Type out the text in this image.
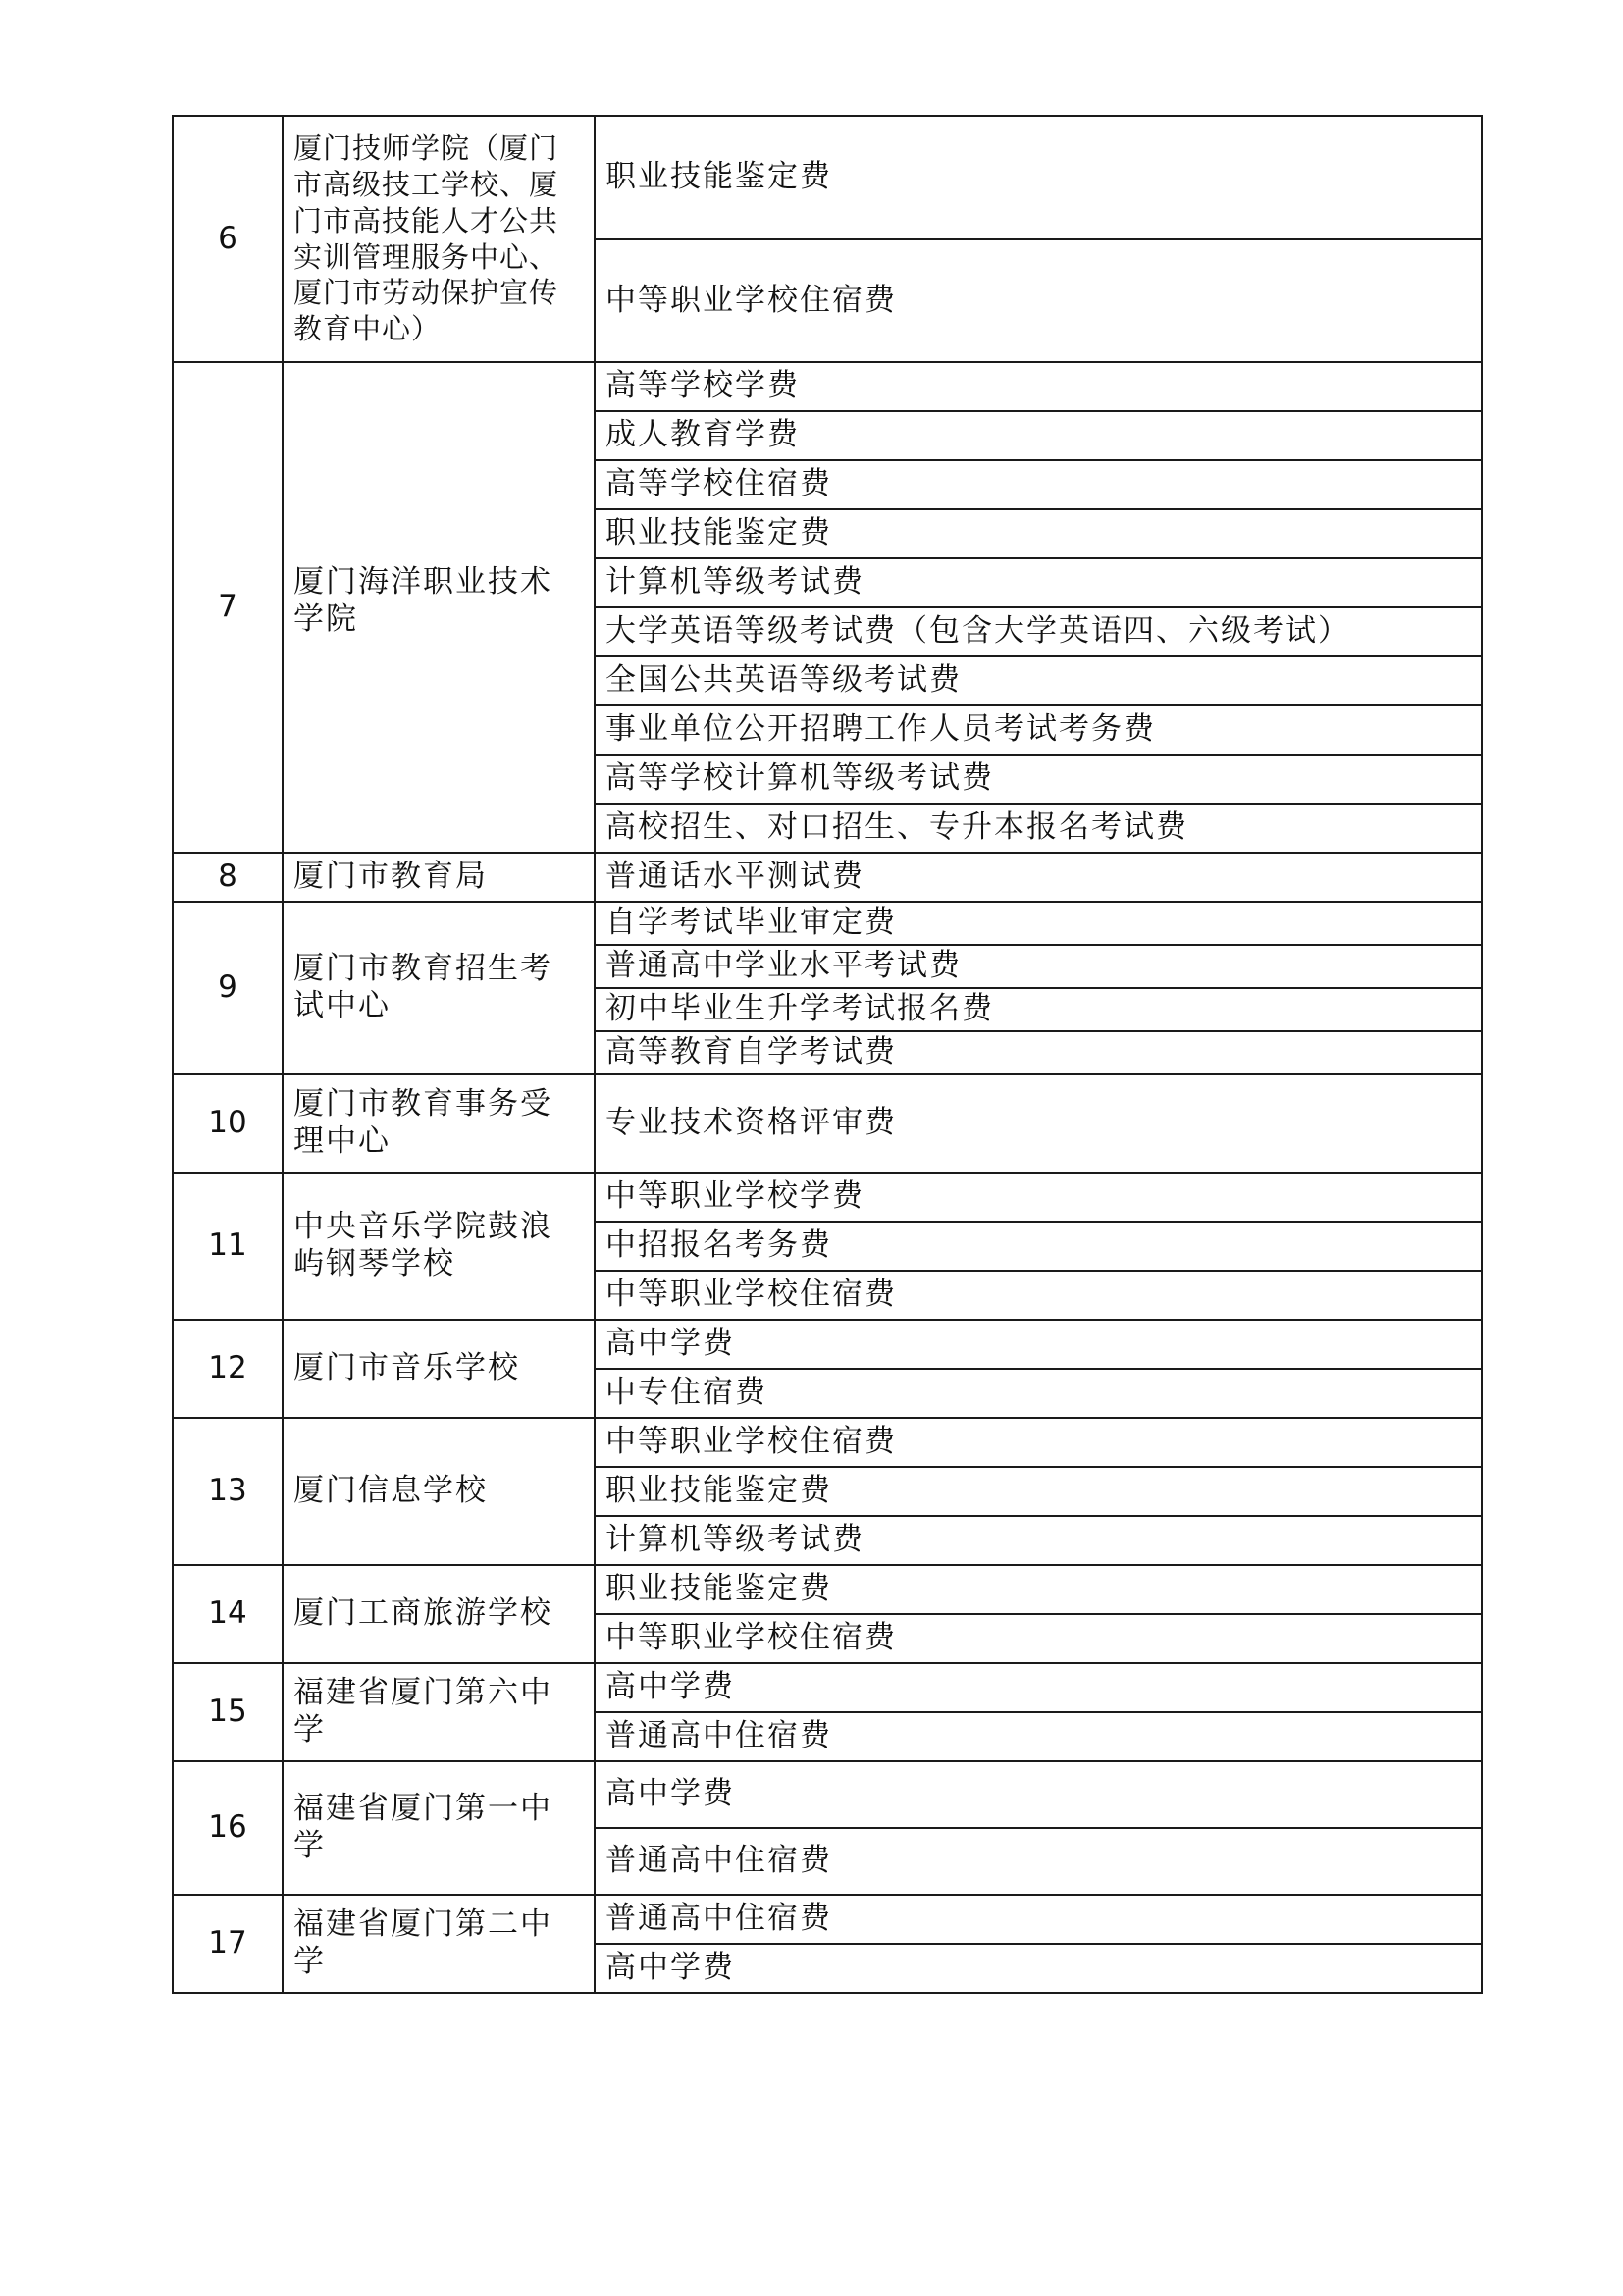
6	厦门技师学院（厦门市高级技工学校、厦门市高技能人才公共实训管理服务中心、厦门市劳动保护宣传教育中心）	职业技能鉴定费
		中等职业学校住宿费
7	厦门海洋职业技术学院	高等学校学费
		成人教育学费
		高等学校住宿费
		职业技能鉴定费
		计算机等级考试费
		大学英语等级考试费（包含大学英语四、六级考试）
		全国公共英语等级考试费
		事业单位公开招聘工作人员考试考务费
		高等学校计算机等级考试费
		高校招生、对口招生、专升本报名考试费
8	厦门市教育局	普通话水平测试费
9	厦门市教育招生考试中心	自学考试毕业审定费
		普通高中学业水平考试费
		初中毕业生升学考试报名费
		高等教育自学考试费
10	厦门市教育事务受理中心	专业技术资格评审费
11	中央音乐学院鼓浪屿钢琴学校	中等职业学校学费
		中招报名考务费
		中等职业学校住宿费
12	厦门市音乐学校	高中学费
		中专住宿费
13	厦门信息学校	中等职业学校住宿费
		职业技能鉴定费
		计算机等级考试费
14	厦门工商旅游学校	职业技能鉴定费
		中等职业学校住宿费
15	福建省厦门第六中学	高中学费
		普通高中住宿费
16	福建省厦门第一中学	高中学费
		普通高中住宿费
17	福建省厦门第二中学	普通高中住宿费
		高中学费
